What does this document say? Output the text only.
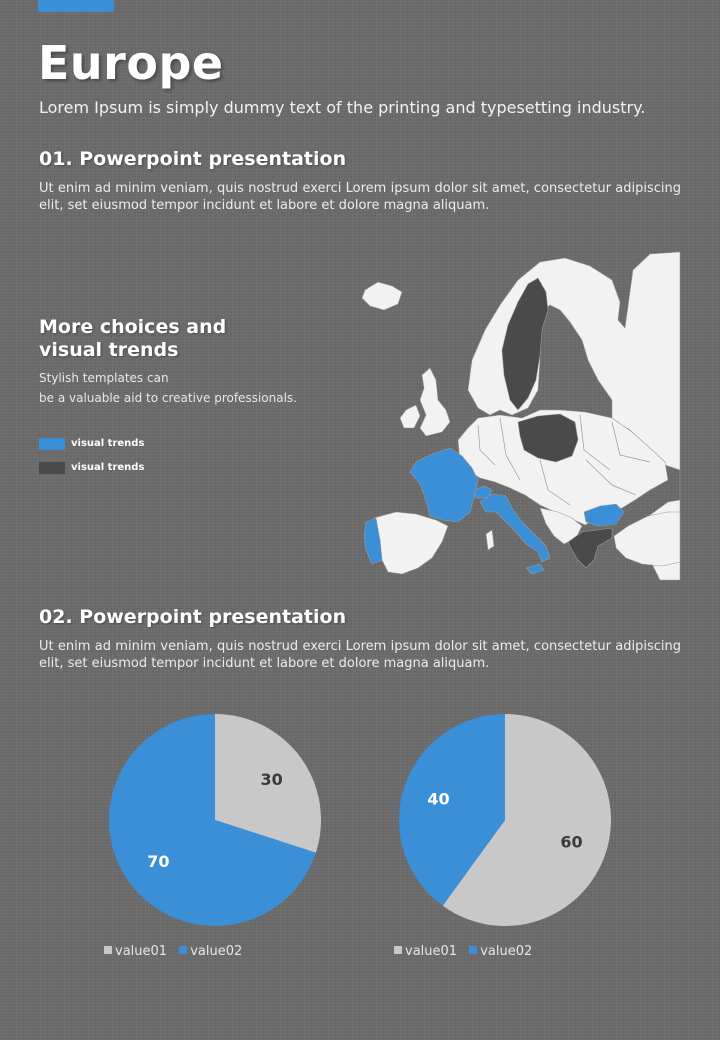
Europe
Lorem Ipsum is simply dummy text of the printing and typesetting industry.
01. Powerpoint presentation
Ut enim ad minim veniam, quis nostrud exerci Lorem ipsum dolor sit amet, consectetur adipiscing elit, set eiusmod tempor incidunt et labore et dolore magna aliquam.
More choices and visual trends
Stylish templates can
be a valuable aid to creative professionals.
visual trends
visual trends
02. Powerpoint presentation
Ut enim ad minim veniam, quis nostrud exerci Lorem ipsum dolor sit amet, consectetur adipiscing elit, set eiusmod tempor incidunt et labore et dolore magna aliquam.
30
70
60
40
value01 value02	value01 value02
